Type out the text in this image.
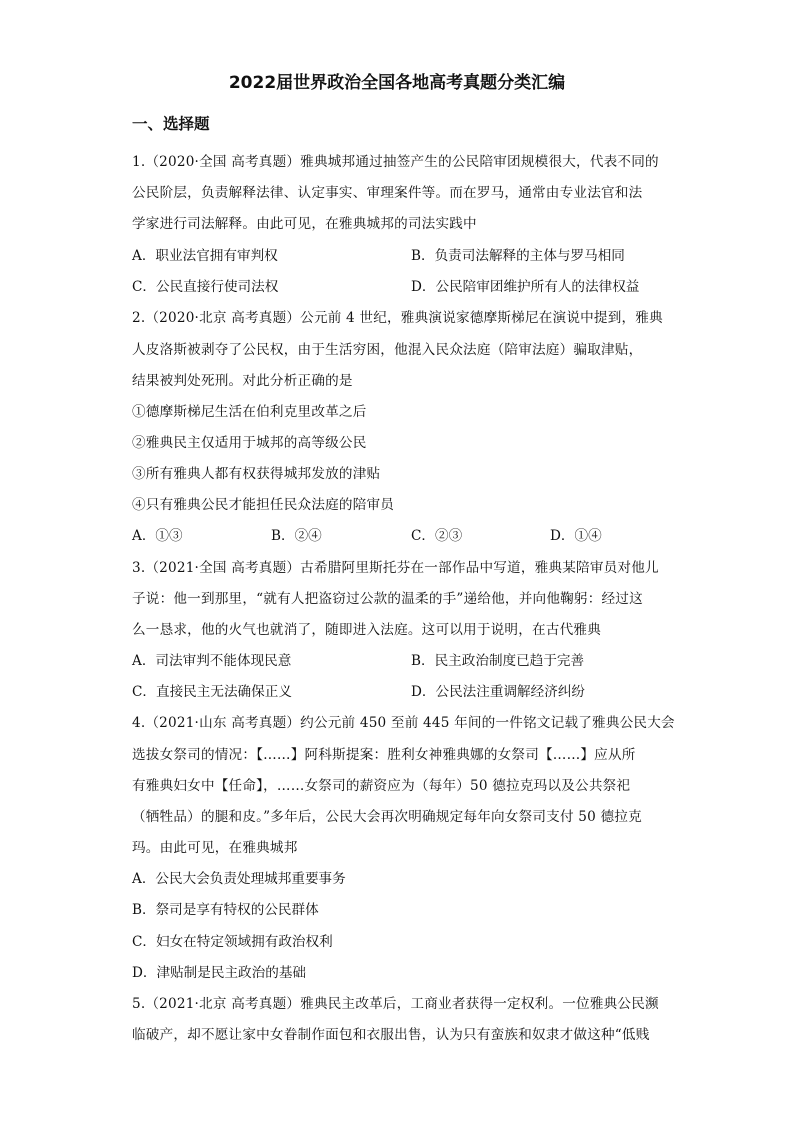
2022届世界政治全国各地高考真题分类汇编
一、选择题
1.（2020·全国 高考真题）雅典城邦通过抽签产生的公民陪审团规模很大，代表不同的
公民阶层，负责解释法律、认定事实、审理案件等。而在罗马，通常由专业法官和法
学家进行司法解释。由此可见，在雅典城邦的司法实践中
A．职业法官拥有审判权	B．负责司法解释的主体与罗马相同
C．公民直接行使司法权	D．公民陪审团维护所有人的法律权益
2.（2020·北京 高考真题）公元前 4 世纪，雅典演说家德摩斯梯尼在演说中提到，雅典
人皮洛斯被剥夺了公民权，由于生活穷困，他混入民众法庭（陪审法庭）骗取津贴，
结果被判处死刑。对此分析正确的是
①德摩斯梯尼生活在伯利克里改革之后
②雅典民主仅适用于城邦的高等级公民
③所有雅典人都有权获得城邦发放的津贴
④只有雅典公民才能担任民众法庭的陪审员
A．①③	B．②④	C．②③	D．①④
3.（2021·全国 高考真题）古希腊阿里斯托芬在一部作品中写道，雅典某陪审员对他儿
子说：他一到那里，“就有人把盗窃过公款的温柔的手”递给他，并向他鞠躬：经过这
么一恳求，他的火气也就消了，随即进入法庭。这可以用于说明，在古代雅典
A．司法审判不能体现民意	B．民主政治制度已趋于完善
C．直接民主无法确保正义	D．公民法注重调解经济纠纷
4.（2021·山东 高考真题）约公元前 450 至前 445 年间的一件铭文记载了雅典公民大会
选拔女祭司的情况：【……】阿科斯提案：胜利女神雅典娜的女祭司【……】应从所
有雅典妇女中【任命】，……女祭司的薪资应为（每年）50 德拉克玛以及公共祭祀
（牺牲品）的腿和皮。”多年后，公民大会再次明确规定每年向女祭司支付 50 德拉克
玛。由此可见，在雅典城邦
A．公民大会负责处理城邦重要事务
B．祭司是享有特权的公民群体
C．妇女在特定领域拥有政治权利
D．津贴制是民主政治的基础
5.（2021·北京 高考真题）雅典民主改革后，工商业者获得一定权利。一位雅典公民濒
临破产，却不愿让家中女眷制作面包和衣服出售，认为只有蛮族和奴隶才做这种“低贱
